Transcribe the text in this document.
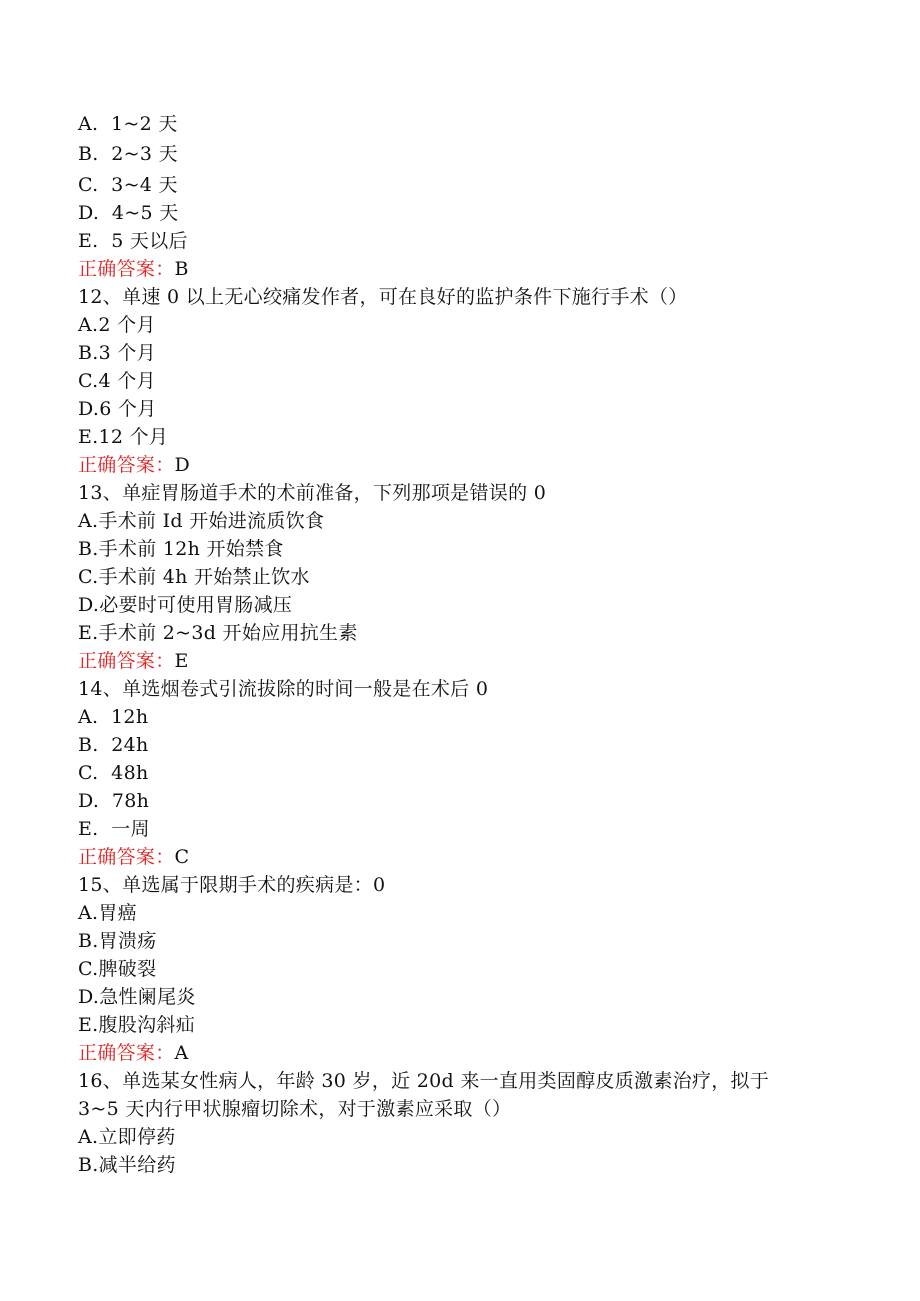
A.  1~2 天
B.  2~3 天
C.  3~4 天
D.  4~5 天
E.  5 天以后
正确答案：B
12、单速 0 以上无心绞痛发作者，可在良好的监护条件下施行手术（）
A.2 个月
B.3 个月
C.4 个月
D.6 个月
E.12 个月
正确答案：D
13、单症胃肠道手术的术前准备，下列那项是错误的 0
A.手术前 Id 开始进流质饮食
B.手术前 12h 开始禁食
C.手术前 4h 开始禁止饮水
D.必要时可使用胃肠减压
E.手术前 2~3d 开始应用抗生素
正确答案：E
14、单选烟卷式引流拔除的时间一般是在术后 0
A.  12h
B.  24h
C.  48h
D.  78h
E.  一周
正确答案：C
15、单选属于限期手术的疾病是：0
A.胃癌
B.胃溃疡
C.脾破裂
D.急性阑尾炎
E.腹股沟斜疝
正确答案：A
16、单选某女性病人，年龄 30 岁，近 20d 来一直用类固醇皮质激素治疗，拟于
3~5 天内行甲状腺瘤切除术，对于激素应采取（）
A.立即停药
B.减半给药
